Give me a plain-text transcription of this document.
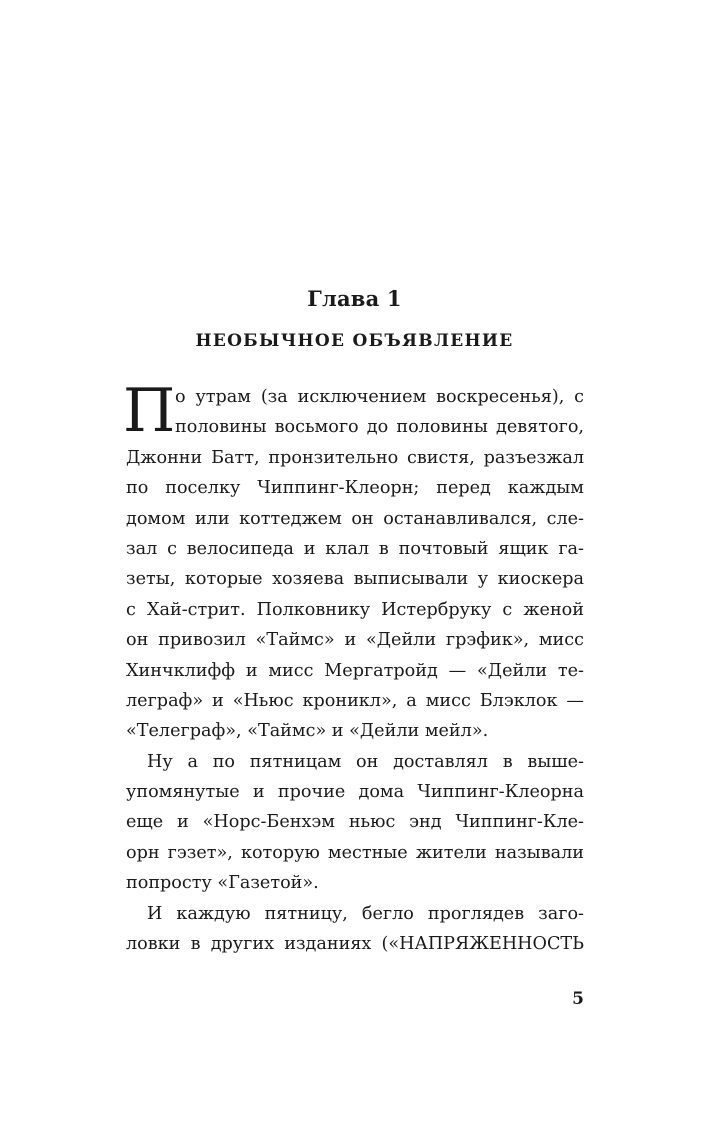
Глава 1
НЕОБЫЧНОЕ ОБЪЯВЛЕНИЕ
П о утрам (за исключением воскресенья), с
половины восьмого до половины девятого,
Джонни Батт, пронзительно свистя, разъезжал
по поселку Чиппинг-Клеорн; перед каждым
домом или коттеджем он останавливался, сле-
зал с велосипеда и клал в почтовый ящик га-
зеты, которые хозяева выписывали у киоскера
с Хай-стрит. Полковнику Истербруку с женой
он привозил «Таймс» и «Дейли грэфик», мисс
Хинчклифф и мисс Мергатройд — «Дейли те-
леграф» и «Ньюс кроникл», а мисс Блэклок —
«Телеграф», «Таймс» и «Дейли мейл».
Ну а по пятницам он доставлял в выше-
упомянутые и прочие дома Чиппинг-Клеорна
еще и «Норс-Бенхэм ньюс энд Чиппинг-Кле-
орн гэзет», которую местные жители называли
попросту «Газетой».
И каждую пятницу, бегло проглядев заго-
ловки в других изданиях («НАПРЯЖЕННОСТЬ
5
